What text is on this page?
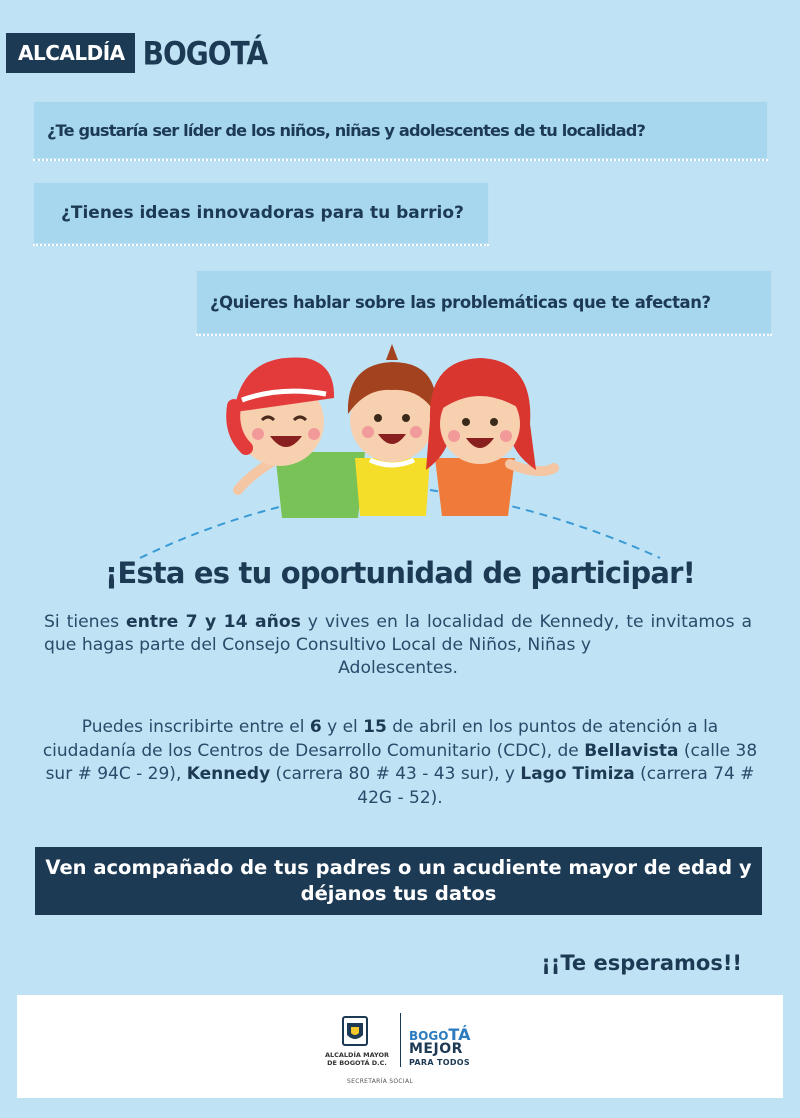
ALCALDÍA BOGOTÁ
¿Te gustaría ser líder de los niños, niñas y adolescentes de tu localidad?
¿Tienes ideas innovadoras para tu barrio?
¿Quieres hablar sobre las problemáticas que te afectan?
¡Esta es tu oportunidad de participar!
Si tienes entre 7 y 14 años y vives en la localidad de Kennedy, te invitamos a que hagas parte del Consejo Consultivo Local de Niños, Niñas y
Adolescentes.
Puedes inscribirte entre el 6 y el 15 de abril en los puntos de atención a la ciudadanía de los Centros de Desarrollo Comunitario (CDC), de Bellavista (calle 38 sur # 94C - 29), Kennedy (carrera 80 # 43 - 43 sur), y Lago Timiza (carrera 74 # 42G - 52).
Ven acompañado de tus padres o un acudiente mayor de edad y déjanos tus datos
¡¡Te esperamos!!
ALCALDÍA MAYOR
DE BOGOTÁ D.C.
BOGOTÁ
MEJOR
PARA TODOS
SECRETARÍA SOCIAL
